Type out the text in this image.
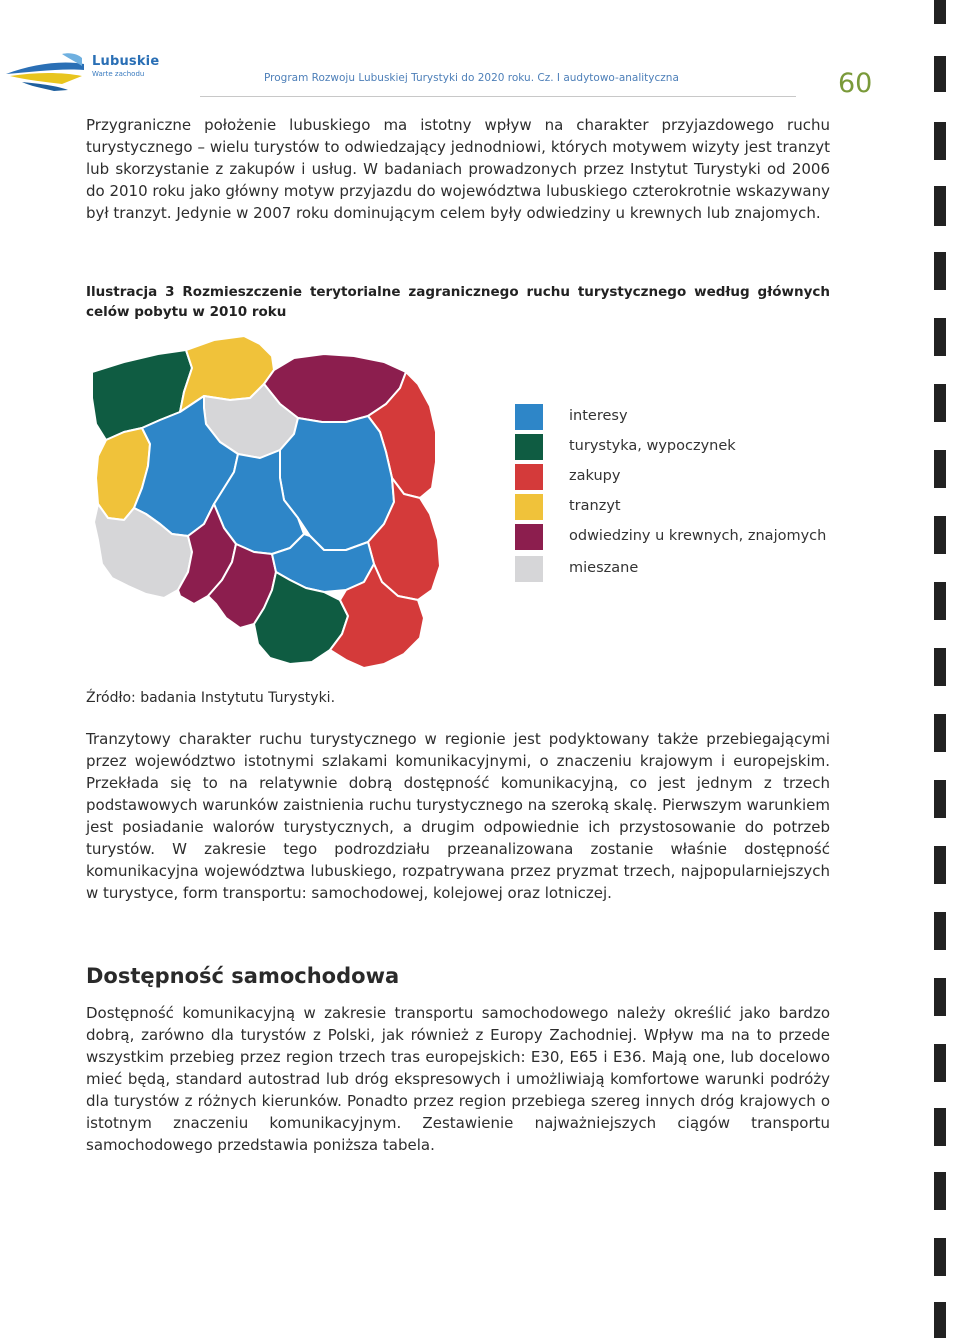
Lubuskie
Warte zachodu	Program Rozwoju Lubuskiej Turystyki do 2020 roku. Cz. I audytowo-analityczna	60
Przygraniczne położenie lubuskiego ma istotny wpływ na charakter przyjazdowego ruchu turystycznego – wielu turystów to odwiedzający jednodniowi, których motywem wizyty jest tranzyt lub skorzystanie z zakupów i usług. W badaniach prowadzonych przez Instytut Turystyki od 2006 do 2010 roku jako główny motyw przyjazdu do województwa lubuskiego czterokrotnie wskazywany był tranzyt. Jedynie w 2007 roku dominującym celem były odwiedziny u krewnych lub znajomych.
Ilustracja 3 Rozmieszczenie terytorialne zagranicznego ruchu turystycznego według głównych celów pobytu w 2010 roku
interesy
turystyka, wypoczynek
zakupy
tranzyt
odwiedziny u krewnych, znajomych
mieszane
Źródło: badania Instytutu Turystyki.
Tranzytowy charakter ruchu turystycznego w regionie jest podyktowany także przebiegającymi przez województwo istotnymi szlakami komunikacyjnymi, o znaczeniu krajowym i europejskim. Przekłada się to na relatywnie dobrą dostępność komunikacyjną, co jest jednym z trzech podstawowych warunków zaistnienia ruchu turystycznego na szeroką skalę. Pierwszym warunkiem jest posiadanie walorów turystycznych, a drugim odpowiednie ich przystosowanie do potrzeb turystów. W zakresie tego podrozdziału przeanalizowana zostanie właśnie dostępność komunikacyjna województwa lubuskiego, rozpatrywana przez pryzmat trzech, najpopularniejszych w turystyce, form transportu: samochodowej, kolejowej oraz lotniczej.
Dostępność samochodowa
Dostępność komunikacyjną w zakresie transportu samochodowego należy określić jako bardzo dobrą, zarówno dla turystów z Polski, jak również z Europy Zachodniej. Wpływ ma na to przede wszystkim przebieg przez region trzech tras europejskich: E30, E65 i E36. Mają one, lub docelowo mieć będą, standard autostrad lub dróg ekspresowych i umożliwiają komfortowe warunki podróży dla turystów z różnych kierunków. Ponadto przez region przebiega szereg innych dróg krajowych o istotnym znaczeniu komunikacyjnym. Zestawienie najważniejszych ciągów transportu samochodowego przedstawia poniższa tabela.
